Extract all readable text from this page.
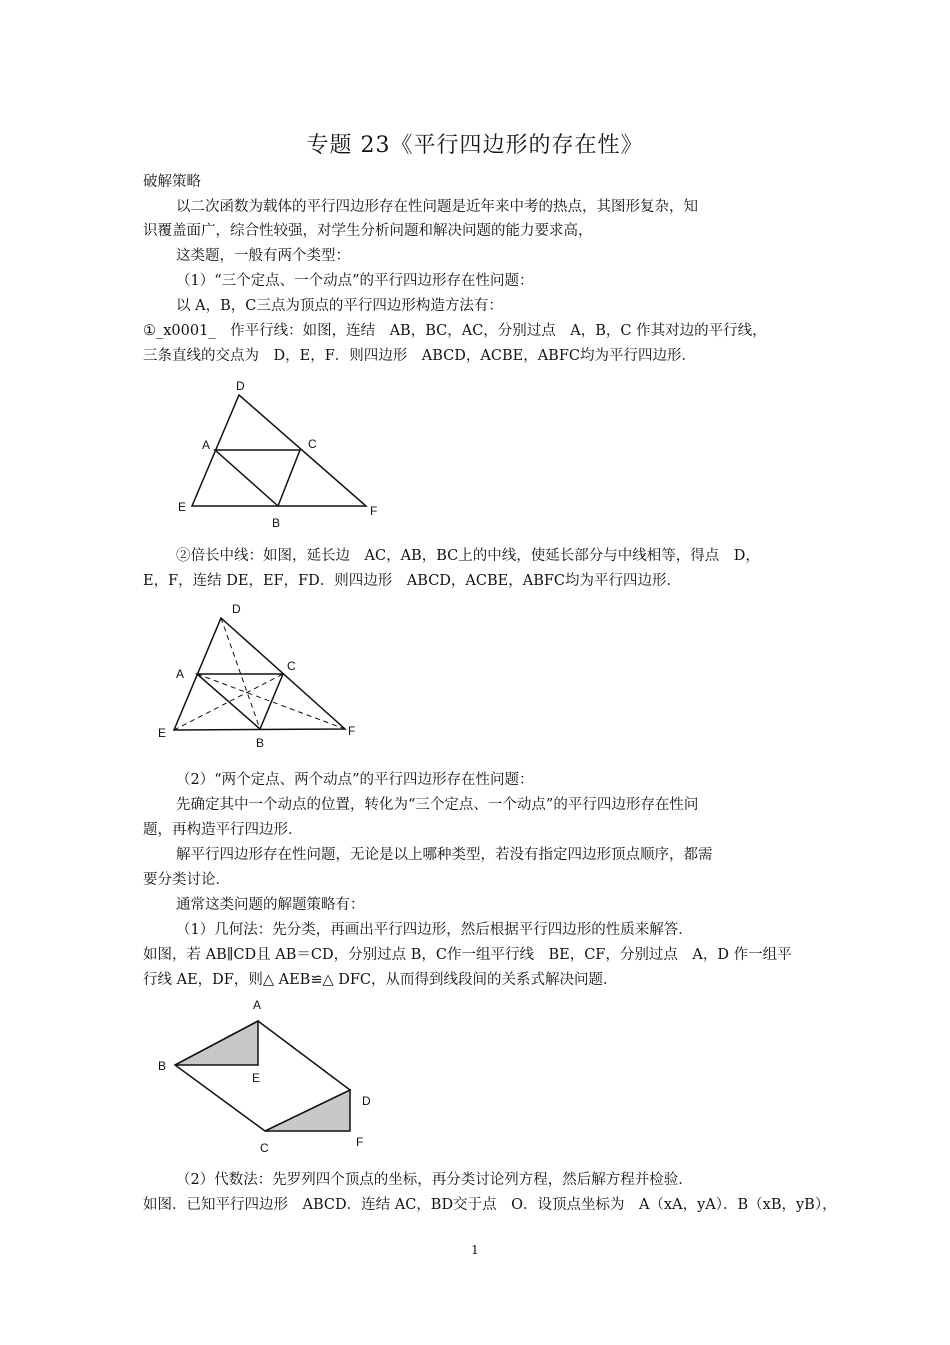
专题 23《平行四边形的存在性》
破解策略
以二次函数为载体的平行四边形存在性问题是近年来中考的热点，其图形复杂，知
识覆盖面广，综合性较强，对学生分析问题和解决问题的能力要求高，
这类题，一般有两个类型：
（1）“三个定点、一个动点”的平行四边形存在性问题：
以 A，B，C三点为顶点的平行四边形构造方法有：
①_x0001_　作平行线：如图，连结　AB，BC，AC，分别过点　A，B，C 作其对边的平行线，
三条直线的交点为　D，E，F．则四边形　ABCD，ACBE，ABFC均为平行四边形．
D
A	C
E
B
F
②倍长中线：如图，延长边　AC，AB，BC上的中线，使延长部分与中线相等，得点　D，
E，F，连结 DE，EF，FD．则四边形　ABCD，ACBE，ABFC均为平行四边形．
D
A
C
E
B
F
（2）“两个定点、两个动点”的平行四边形存在性问题：
先确定其中一个动点的位置，转化为“三个定点、一个动点”的平行四边形存在性问
题，再构造平行四边形．
解平行四边形存在性问题，无论是以上哪种类型，若没有指定四边形顶点顺序，都需
要分类讨论．
通常这类问题的解题策略有：
（1）几何法：先分类，再画出平行四边形，然后根据平行四边形的性质来解答．
如图，若 AB∥CD且 AB＝CD，分别过点 B，C作一组平行线　BE，CF，分别过点　A，D 作一组平
行线 AE，DF，则△ AEB≌△ DFC，从而得到线段间的关系式解决问题．
A
B
E
D
C	F
（2）代数法：先罗列四个顶点的坐标，再分类讨论列方程，然后解方程并检验．
如图．已知平行四边形　ABCD．连结 AC，BD交于点　O．设顶点坐标为　A（xA，yA）．B（xB，yB），
1
